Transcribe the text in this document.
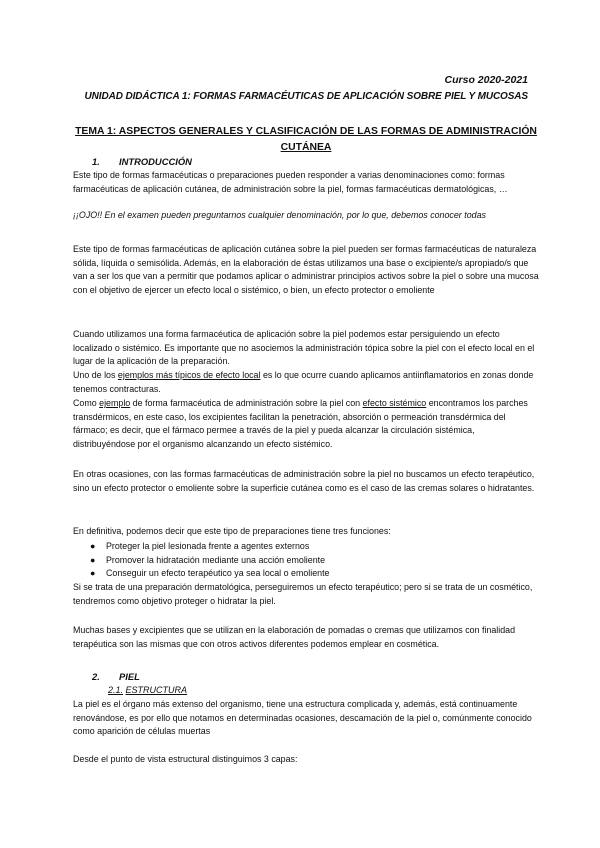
Curso 2020-2021
UNIDAD DIDÁCTICA 1: FORMAS FARMACÉUTICAS DE APLICACIÓN SOBRE PIEL Y MUCOSAS
TEMA 1: ASPECTOS GENERALES Y CLASIFICACIÓN DE LAS FORMAS DE ADMINISTRACIÓN
CUTÁNEA
1. INTRODUCCIÓN
Este tipo de formas farmacéuticas o preparaciones pueden responder a varias denominaciones como: formas farmacéuticas de aplicación cutánea, de administración sobre la piel, formas farmacéuticas dermatológicas, …
¡¡OJO!! En el examen pueden preguntarnos cualquier denominación, por lo que, debemos conocer todas
Este tipo de formas farmacéuticas de aplicación cutánea sobre la piel pueden ser formas farmacéuticas de naturaleza sólida, líquida o semisólida. Además, en la elaboración de éstas utilizamos una base o excipiente/s apropiado/s que van a ser los que van a permitir que podamos aplicar o administrar principios activos sobre la piel o sobre una mucosa con el objetivo de ejercer un efecto local o sistémico, o bien, un efecto protector o emoliente
Cuando utilizamos una forma farmacéutica de aplicación sobre la piel podemos estar persiguiendo un efecto localizado o sistémico. Es importante que no asociemos la administración tópica sobre la piel con el efecto local en el lugar de la aplicación de la preparación.
Uno de los ejemplos más típicos de efecto local es lo que ocurre cuando aplicamos antiinflamatorios en zonas donde tenemos contracturas.
Como ejemplo de forma farmacéutica de administración sobre la piel con efecto sistémico encontramos los parches transdérmicos, en este caso, los excipientes facilitan la penetración, absorción o permeación transdérmica del fármaco; es decir, que el fármaco permee a través de la piel y pueda alcanzar la circulación sistémica, distribuyéndose por el organismo alcanzando un efecto sistémico.
En otras ocasiones, con las formas farmacéuticas de administración sobre la piel no buscamos un efecto terapéutico, sino un efecto protector o emoliente sobre la superficie cutánea como es el caso de las cremas solares o hidratantes.
En definitiva, podemos decir que este tipo de preparaciones tiene tres funciones:
● Proteger la piel lesionada frente a agentes externos
● Promover la hidratación mediante una acción emoliente
● Conseguir un efecto terapéutico ya sea local o emoliente
Si se trata de una preparación dermatológica, perseguiremos un efecto terapéutico; pero si se trata de un cosmético, tendremos como objetivo proteger o hidratar la piel.
Muchas bases y excipientes que se utilizan en la elaboración de pomadas o cremas que utilizamos con finalidad terapéutica son las mismas que con otros activos diferentes podemos emplear en cosmética.
2. PIEL
2.1. ESTRUCTURA
La piel es el órgano más extenso del organismo, tiene una estructura complicada y, además, está continuamente renovándose, es por ello que notamos en determinadas ocasiones, descamación de la piel o, comúnmente conocido como aparición de células muertas
Desde el punto de vista estructural distinguimos 3 capas:
